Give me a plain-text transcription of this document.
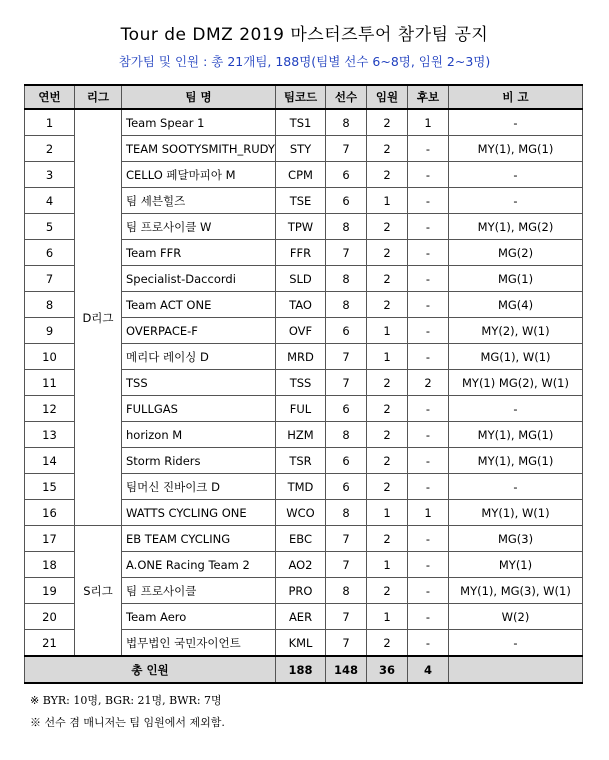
Tour de DMZ 2019 마스터즈투어 참가팀 공지
참가팀 및 인원 : 총 21개팀, 188명(팀별 선수 6~8명, 임원 2~3명)
연번	리그	팀 명	팀코드	선수	임원	후보	비 고
1	D리그	Team Spear 1	TS1	8	2	1	-
2		TEAM SOOTYSMITH_RUDY	STY	7	2	-	MY(1), MG(1)
3		CELLO 페달마피아 M	CPM	6	2	-	-
4		팀 세븐힐즈	TSE	6	1	-	-
5		팀 프로사이클 W	TPW	8	2	-	MY(1), MG(2)
6		Team FFR	FFR	7	2	-	MG(2)
7		Specialist-Daccordi	SLD	8	2	-	MG(1)
8		Team ACT ONE	TAO	8	2	-	MG(4)
9		OVERPACE-F	OVF	6	1	-	MY(2), W(1)
10		메리다 레이싱 D	MRD	7	1	-	MG(1), W(1)
11		TSS	TSS	7	2	2	MY(1) MG(2), W(1)
12		FULLGAS	FUL	6	2	-	-
13		horizon M	HZM	8	2	-	MY(1), MG(1)
14		Storm Riders	TSR	6	2	-	MY(1), MG(1)
15		팀머신 진바이크 D	TMD	6	2	-	-
16		WATTS CYCLING ONE	WCO	8	1	1	MY(1), W(1)
17	S리그	EB TEAM CYCLING	EBC	7	2	-	MG(3)
18		A.ONE Racing Team 2	AO2	7	1	-	MY(1)
19		팀 프로사이클	PRO	8	2	-	MY(1), MG(3), W(1)
20		Team Aero	AER	7	1	-	W(2)
21		법무법인 국민자이언트	KML	7	2	-	-
총 인원			188	148	36	4	
※ BYR: 10명, BGR: 21명, BWR: 7명
※ 선수 겸 매니저는 팀 임원에서 제외함.
